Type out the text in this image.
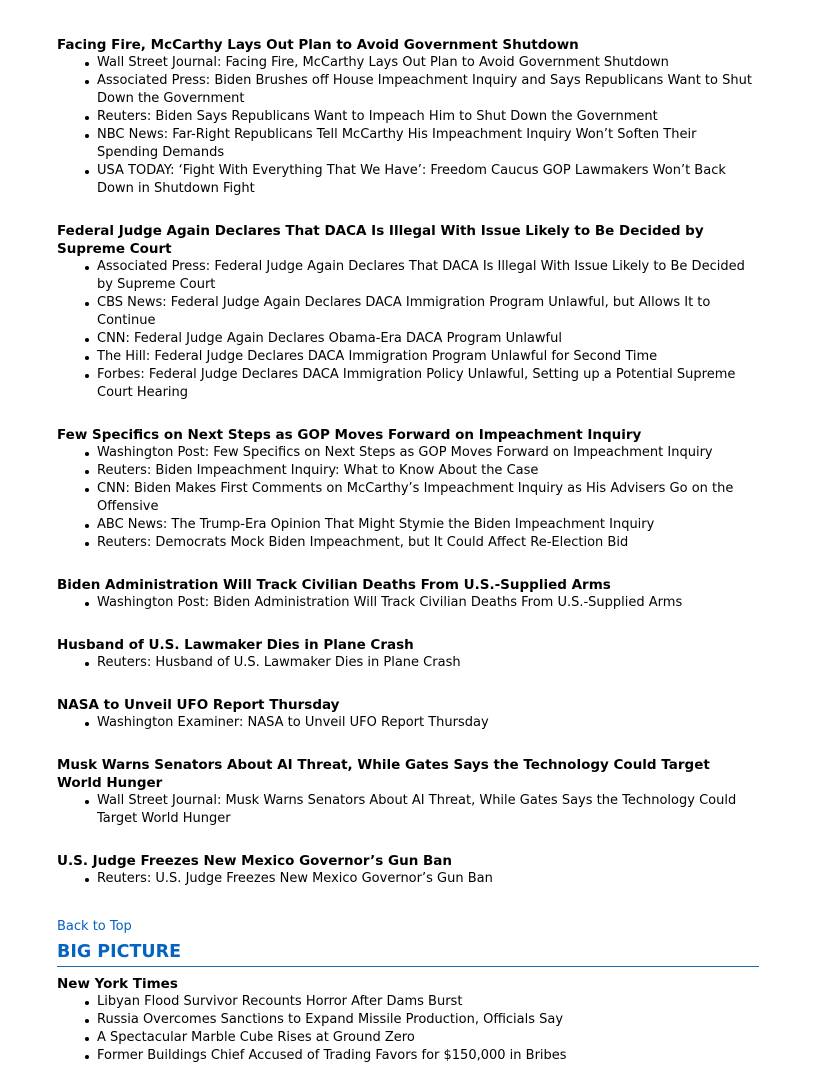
Facing Fire, McCarthy Lays Out Plan to Avoid Government Shutdown
Wall Street Journal: Facing Fire, McCarthy Lays Out Plan to Avoid Government Shutdown
Associated Press: Biden Brushes off House Impeachment Inquiry and Says Republicans Want to Shut Down the Government
Reuters: Biden Says Republicans Want to Impeach Him to Shut Down the Government
NBC News: Far-Right Republicans Tell McCarthy His Impeachment Inquiry Won’t Soften Their Spending Demands
USA TODAY: ‘Fight With Everything That We Have’: Freedom Caucus GOP Lawmakers Won’t Back Down in Shutdown Fight
Federal Judge Again Declares That DACA Is Illegal With Issue Likely to Be Decided by Supreme Court
Associated Press: Federal Judge Again Declares That DACA Is Illegal With Issue Likely to Be Decided by Supreme Court
CBS News: Federal Judge Again Declares DACA Immigration Program Unlawful, but Allows It to Continue
CNN: Federal Judge Again Declares Obama-Era DACA Program Unlawful
The Hill: Federal Judge Declares DACA Immigration Program Unlawful for Second Time
Forbes: Federal Judge Declares DACA Immigration Policy Unlawful, Setting up a Potential Supreme Court Hearing
Few Specifics on Next Steps as GOP Moves Forward on Impeachment Inquiry
Washington Post: Few Specifics on Next Steps as GOP Moves Forward on Impeachment Inquiry
Reuters: Biden Impeachment Inquiry: What to Know About the Case
CNN: Biden Makes First Comments on McCarthy’s Impeachment Inquiry as His Advisers Go on the Offensive
ABC News: The Trump-Era Opinion That Might Stymie the Biden Impeachment Inquiry
Reuters: Democrats Mock Biden Impeachment, but It Could Affect Re-Election Bid
Biden Administration Will Track Civilian Deaths From U.S.-Supplied Arms
Washington Post: Biden Administration Will Track Civilian Deaths From U.S.-Supplied Arms
Husband of U.S. Lawmaker Dies in Plane Crash
Reuters: Husband of U.S. Lawmaker Dies in Plane Crash
NASA to Unveil UFO Report Thursday
Washington Examiner: NASA to Unveil UFO Report Thursday
Musk Warns Senators About AI Threat, While Gates Says the Technology Could Target World Hunger
Wall Street Journal: Musk Warns Senators About AI Threat, While Gates Says the Technology Could Target World Hunger
U.S. Judge Freezes New Mexico Governor’s Gun Ban
Reuters: U.S. Judge Freezes New Mexico Governor’s Gun Ban
Back to Top
BIG PICTURE
New York Times
Libyan Flood Survivor Recounts Horror After Dams Burst
Russia Overcomes Sanctions to Expand Missile Production, Officials Say
A Spectacular Marble Cube Rises at Ground Zero
Former Buildings Chief Accused of Trading Favors for $150,000 in Bribes
